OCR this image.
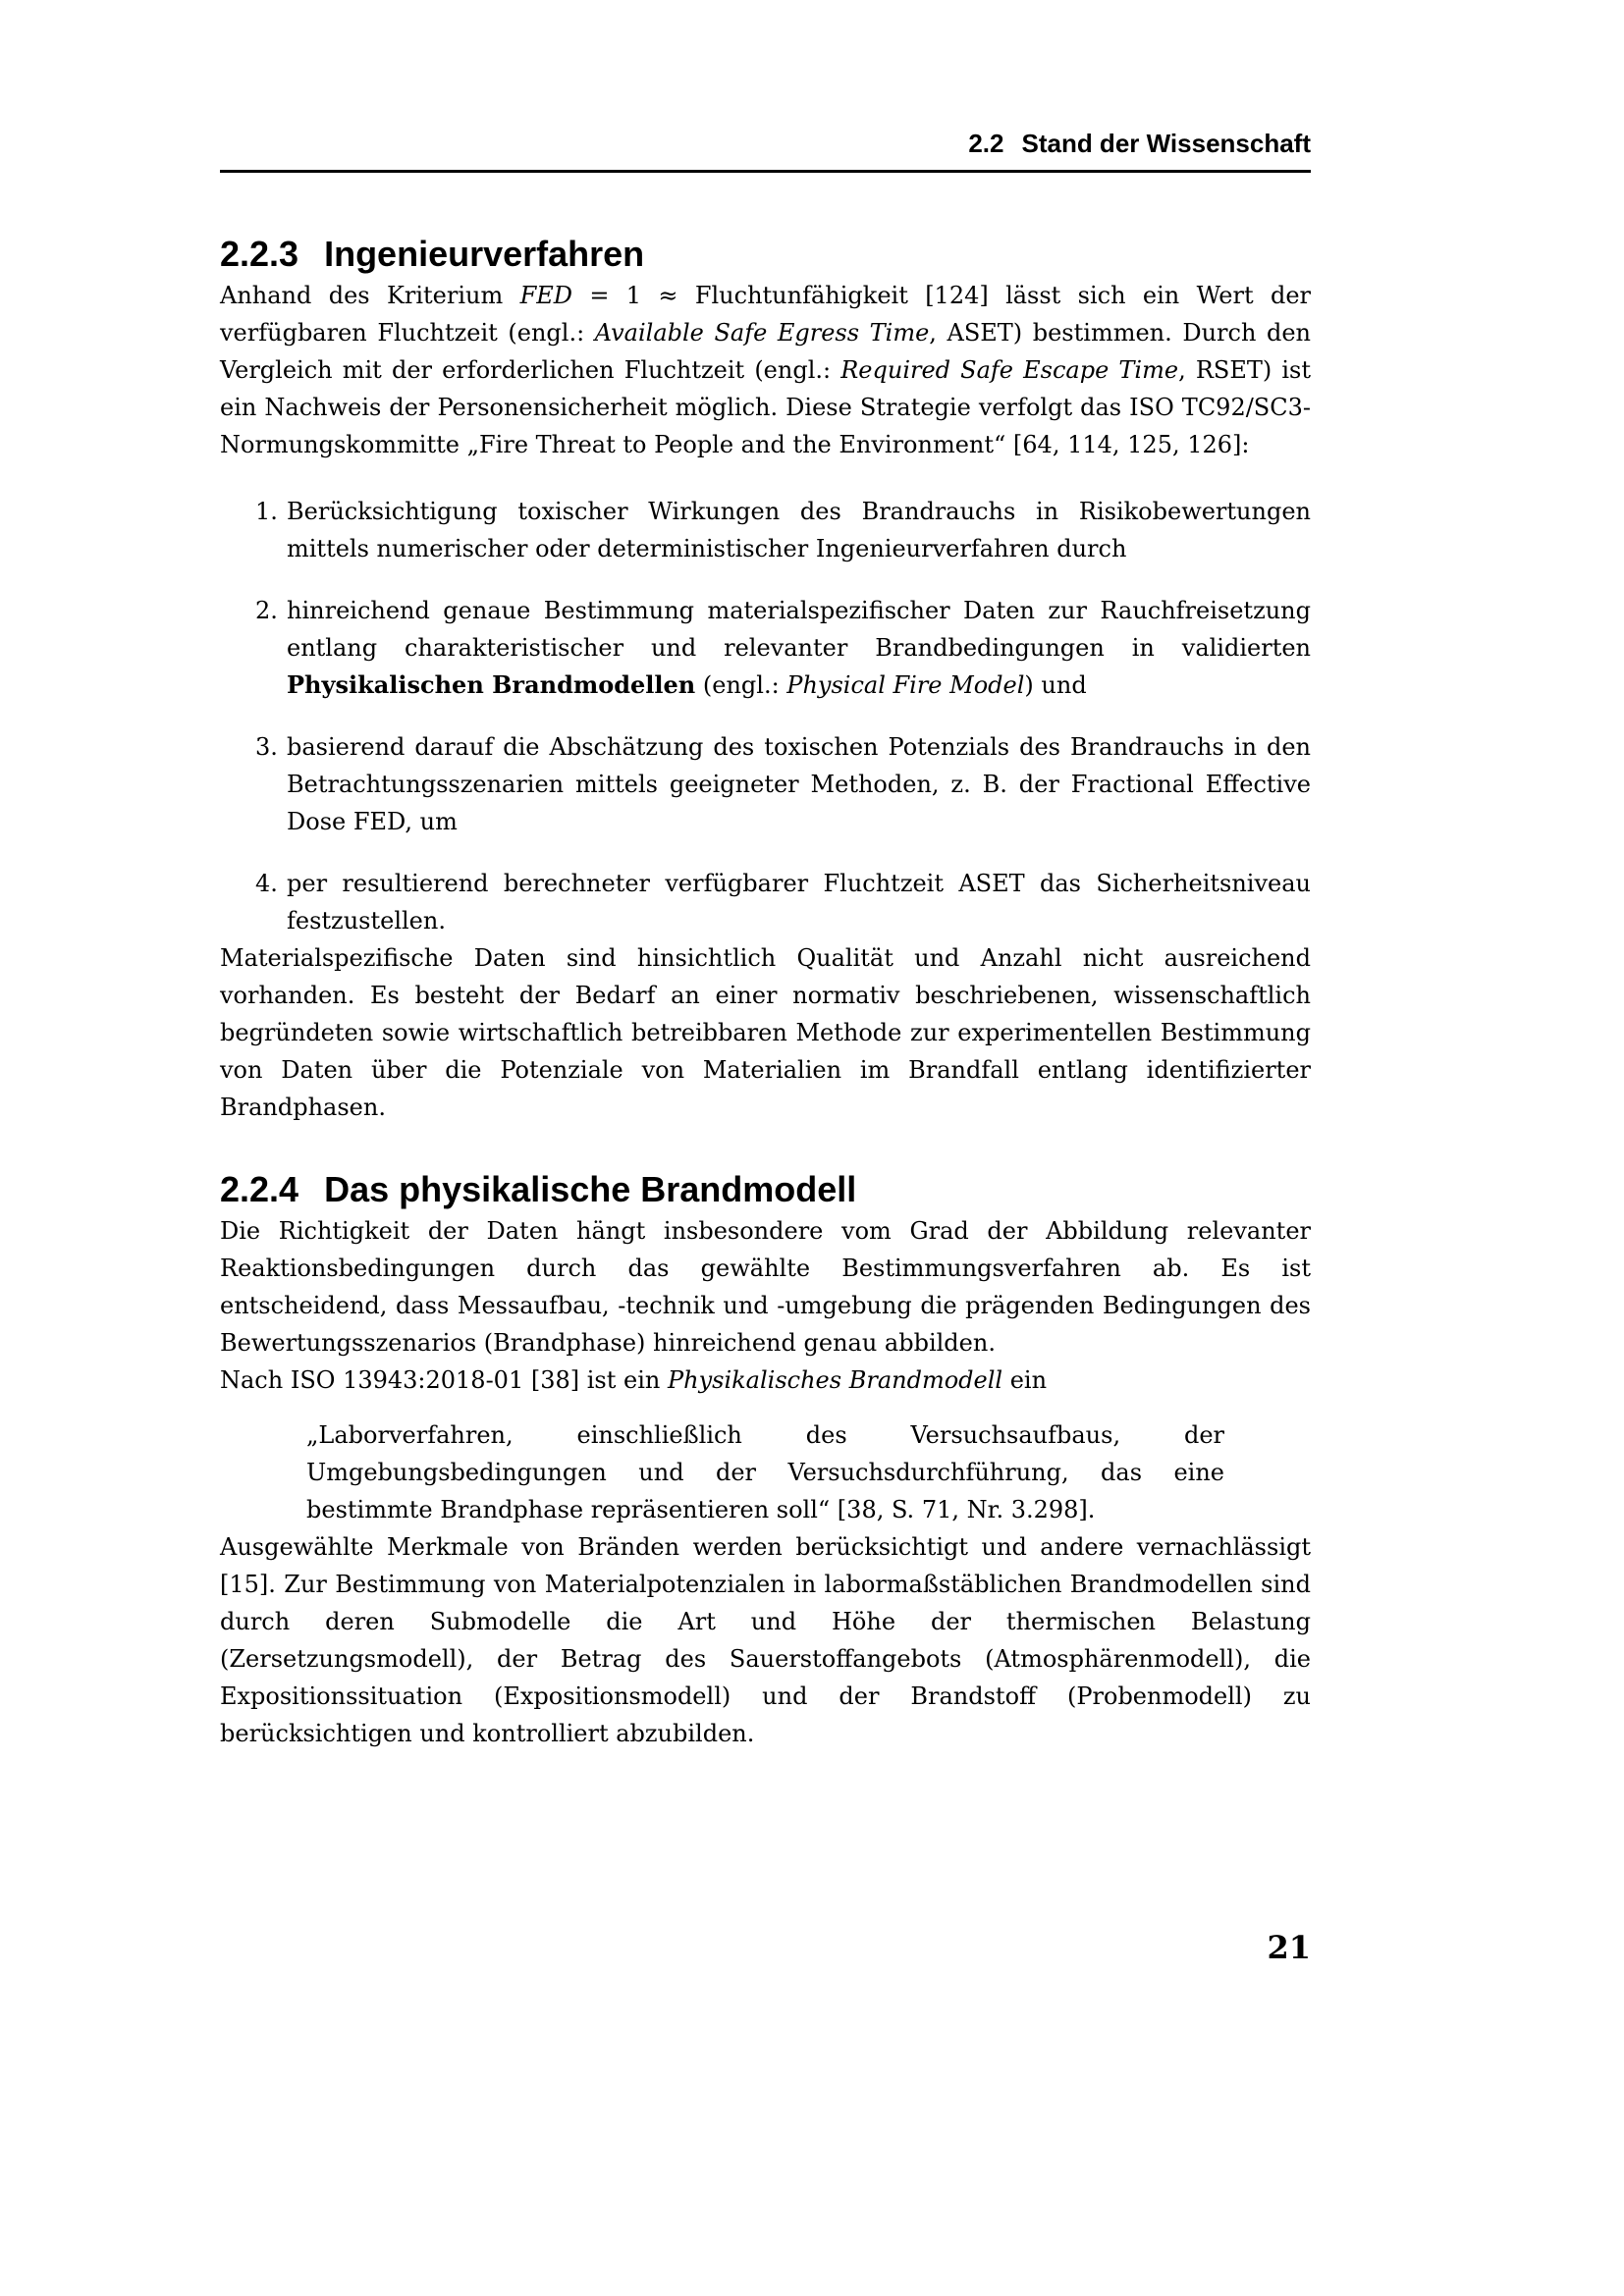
2.2 Stand der Wissenschaft
2.2.3 Ingenieurverfahren

Anhand des Kriterium FED = 1 ≈ Fluchtunfähigkeit [124] lässt sich ein Wert der verfügbaren Fluchtzeit (engl.: Available Safe Egress Time, ASET) bestimmen. Durch den Vergleich mit der erforderlichen Fluchtzeit (engl.: Required Safe Escape Time, RSET) ist ein Nachweis der Personensicherheit möglich. Diese Strategie verfolgt das ISO TC92/SC3-Normungskommitte „Fire Threat to People and the Environment“ [64, 114, 125, 126]:

1. Berücksichtigung toxischer Wirkungen des Brandrauchs in Risikobewertungen mittels numerischer oder deterministischer Ingenieurverfahren durch
2. hinreichend genaue Bestimmung materialspezifischer Daten zur Rauchfreisetzung entlang charakteristischer und relevanter Brandbedingungen in validierten Physikalischen Brandmodellen (engl.: Physical Fire Model) und
3. basierend darauf die Abschätzung des toxischen Potenzials des Brandrauchs in den Betrachtungsszenarien mittels geeigneter Methoden, z. B. der Fractional Effective Dose FED, um
4. per resultierend berechneter verfügbarer Fluchtzeit ASET das Sicherheitsniveau festzustellen.

Materialspezifische Daten sind hinsichtlich Qualität und Anzahl nicht ausreichend vorhanden. Es besteht der Bedarf an einer normativ beschriebenen, wissenschaftlich begründeten sowie wirtschaftlich betreibbaren Methode zur experimentellen Bestimmung von Daten über die Potenziale von Materialien im Brandfall entlang identifizierter Brandphasen.

2.2.4 Das physikalische Brandmodell

Die Richtigkeit der Daten hängt insbesondere vom Grad der Abbildung relevanter Reaktionsbedingungen durch das gewählte Bestimmungsverfahren ab. Es ist entscheidend, dass Messaufbau, -technik und -umgebung die prägenden Bedingungen des Bewertungsszenarios (Brandphase) hinreichend genau abbilden.

Nach ISO 13943:2018-01 [38] ist ein Physikalisches Brandmodell ein

„Laborverfahren, einschließlich des Versuchsaufbaus, der Umgebungsbedingungen und der Versuchsdurchführung, das eine bestimmte Brandphase repräsentieren soll“ [38, S. 71, Nr. 3.298].

Ausgewählte Merkmale von Bränden werden berücksichtigt und andere vernachlässigt [15]. Zur Bestimmung von Materialpotenzialen in labormaßstäblichen Brandmodellen sind durch deren Submodelle die Art und Höhe der thermischen Belastung (Zersetzungsmodell), der Betrag des Sauerstoffangebots (Atmosphärenmodell), die Expositionssituation (Expositionsmodell) und der Brandstoff (Probenmodell) zu berücksichtigen und kontrolliert abzubilden.

21
